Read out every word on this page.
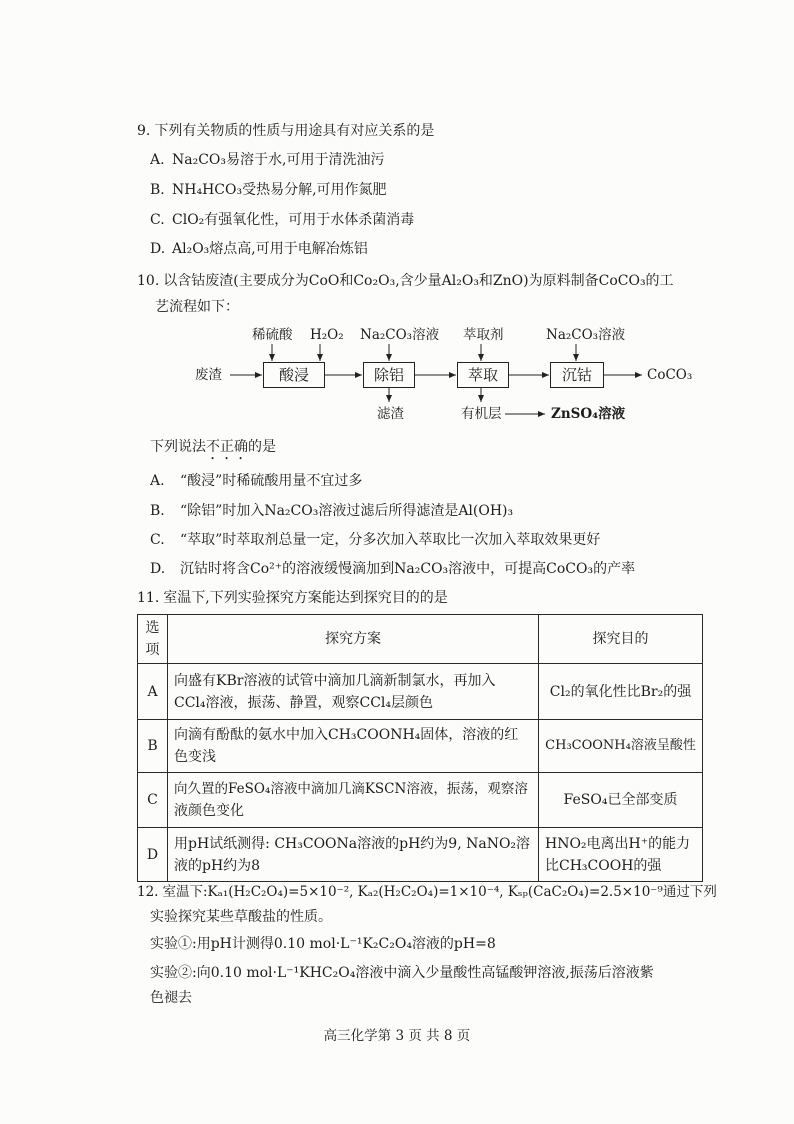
9. 下列有关物质的性质与用途具有对应关系的是
A. Na₂CO₃易溶于水,可用于清洗油污
B. NH₄HCO₃受热易分解,可用作氮肥
C. ClO₂有强氧化性，可用于水体杀菌消毒
D. Al₂O₃熔点高,可用于电解冶炼铝
10. 以含钴废渣(主要成分为CoO和Co₂O₃,含少量Al₂O₃和ZnO)为原料制备CoCO₃的工
艺流程如下：
废渣
稀硫酸 H₂O₂
酸浸
Na₂CO₃溶液
除铝
滤渣
萃取剂
萃取
有机层	ZnSO₄溶液
Na₂CO₃溶液
沉钴	CoCO₃
下列说法不正确的是
A. “酸浸”时稀硫酸用量不宜过多
B. “除铝”时加入Na₂CO₃溶液过滤后所得滤渣是Al(OH)₃
C. “萃取”时萃取剂总量一定，分多次加入萃取比一次加入萃取效果更好
D. 沉钴时将含Co²⁺的溶液缓慢滴加到Na₂CO₃溶液中，可提高CoCO₃的产率
11. 室温下,下列实验探究方案能达到探究目的的是
选项	探究方案	探究目的
A	向盛有KBr溶液的试管中滴加几滴新制氯水，再加入
CCl₄溶液，振荡、静置，观察CCl₄层颜色	Cl₂的氧化性比Br₂的强

B	向滴有酚酞的氨水中加入CH₃COONH₄固体，溶液的红
色变浅	CH₃COONH₄溶液呈酸性

C	向久置的FeSO₄溶液中滴加几滴KSCN溶液，振荡，观察溶
液颜色变化	FeSO₄已全部变质

D	用pH试纸测得: CH₃COONa溶液的pH约为9, NaNO₂溶
液的pH约为8	HNO₂电离出H⁺的能力
比CH₃COOH的强
12. 室温下:Kₐ₁(H₂C₂O₄)=5×10⁻², Kₐ₂(H₂C₂O₄)=1×10⁻⁴, Kₛₚ(CaC₂O₄)=2.5×10⁻⁹通过下列
实验探究某些草酸盐的性质。
实验①:用pH计测得0.10 mol·L⁻¹K₂C₂O₄溶液的pH=8
实验②:向0.10 mol·L⁻¹KHC₂O₄溶液中滴入少量酸性高锰酸钾溶液,振荡后溶液紫
色褪去
高三化学第 3 页 共 8 页
